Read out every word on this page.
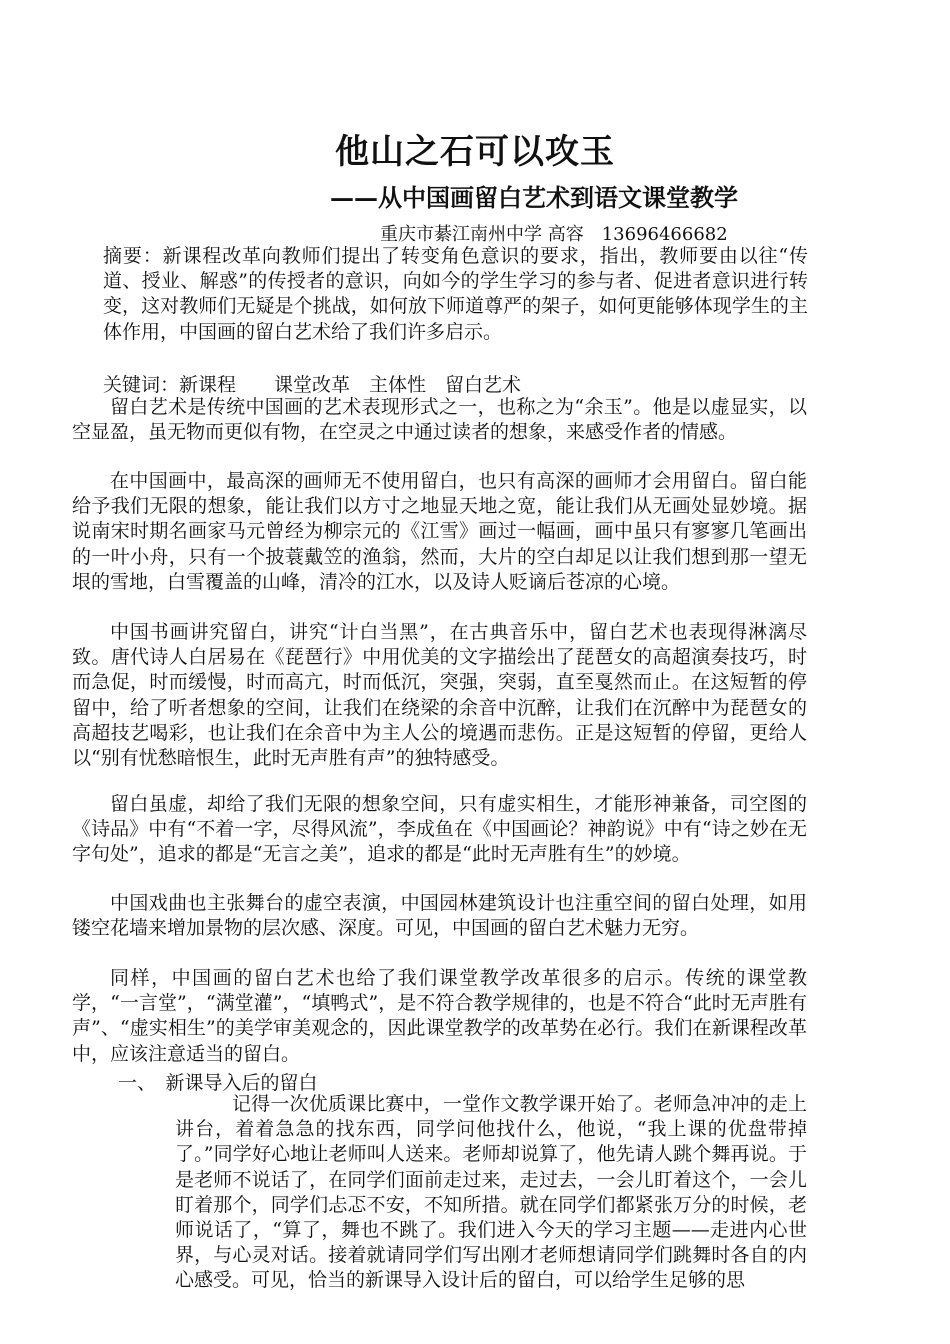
他山之石可以攻玉
——从中国画留白艺术到语文课堂教学
重庆市綦江南州中学 高容　13696466682

摘要：新课程改革向教师们提出了转变角色意识的要求，指出，教师要由以往“传道、授业、解惑”的传授者的意识，向如今的学生学习的参与者、促进者意识进行转变，这对教师们无疑是个挑战，如何放下师道尊严的架子，如何更能够体现学生的主体作用，中国画的留白艺术给了我们许多启示。

关键词：新课程　　课堂改革　主体性　留白艺术

留白艺术是传统中国画的艺术表现形式之一，也称之为“余玉”。他是以虚显实，以空显盈，虽无物而更似有物，在空灵之中通过读者的想象，来感受作者的情感。

在中国画中，最高深的画师无不使用留白，也只有高深的画师才会用留白。留白能给予我们无限的想象，能让我们以方寸之地显天地之宽，能让我们从无画处显妙境。据说南宋时期名画家马元曾经为柳宗元的《江雪》画过一幅画，画中虽只有寥寥几笔画出的一叶小舟，只有一个披蓑戴笠的渔翁，然而，大片的空白却足以让我们想到那一望无垠的雪地，白雪覆盖的山峰，清冷的江水，以及诗人贬谪后苍凉的心境。

中国书画讲究留白，讲究“计白当黑”，在古典音乐中，留白艺术也表现得淋漓尽致。唐代诗人白居易在《琵琶行》中用优美的文字描绘出了琵琶女的高超演奏技巧，时而急促，时而缓慢，时而高亢，时而低沉，突强，突弱，直至戛然而止。在这短暂的停留中，给了听者想象的空间，让我们在绕梁的余音中沉醉，让我们在沉醉中为琵琶女的高超技艺喝彩，也让我们在余音中为主人公的境遇而悲伤。正是这短暂的停留，更给人以“别有忧愁暗恨生，此时无声胜有声”的独特感受。

留白虽虚，却给了我们无限的想象空间，只有虚实相生，才能形神兼备，司空图的《诗品》中有“不着一字，尽得风流”，李成鱼在《中国画论？神韵说》中有“诗之妙在无字句处”，追求的都是“无言之美”，追求的都是“此时无声胜有生”的妙境。

中国戏曲也主张舞台的虚空表演，中国园林建筑设计也注重空间的留白处理，如用镂空花墙来增加景物的层次感、深度。可见，中国画的留白艺术魅力无穷。

同样，中国画的留白艺术也给了我们课堂教学改革很多的启示。传统的课堂教学，“一言堂”，“满堂灌”，“填鸭式”，是不符合教学规律的，也是不符合“此时无声胜有声”、“虚实相生”的美学审美观念的，因此课堂教学的改革势在必行。我们在新课程改革中，应该注意适当的留白。

一、　新课导入后的留白

记得一次优质课比赛中，一堂作文教学课开始了。老师急冲冲的走上讲台，着着急急的找东西，同学问他找什么，他说，“我上课的优盘带掉了。”同学好心地让老师叫人送来。老师却说算了，他先请人跳个舞再说。于是老师不说话了，在同学们面前走过来，走过去，一会儿盯着这个，一会儿盯着那个，同学们忐忑不安，不知所措。就在同学们都紧张万分的时候，老师说话了，“算了，舞也不跳了。我们进入今天的学习主题——走进内心世界，与心灵对话。接着就请同学们写出刚才老师想请同学们跳舞时各自的内心感受。可见，恰当的新课导入设计后的留白，可以给学生足够的思
